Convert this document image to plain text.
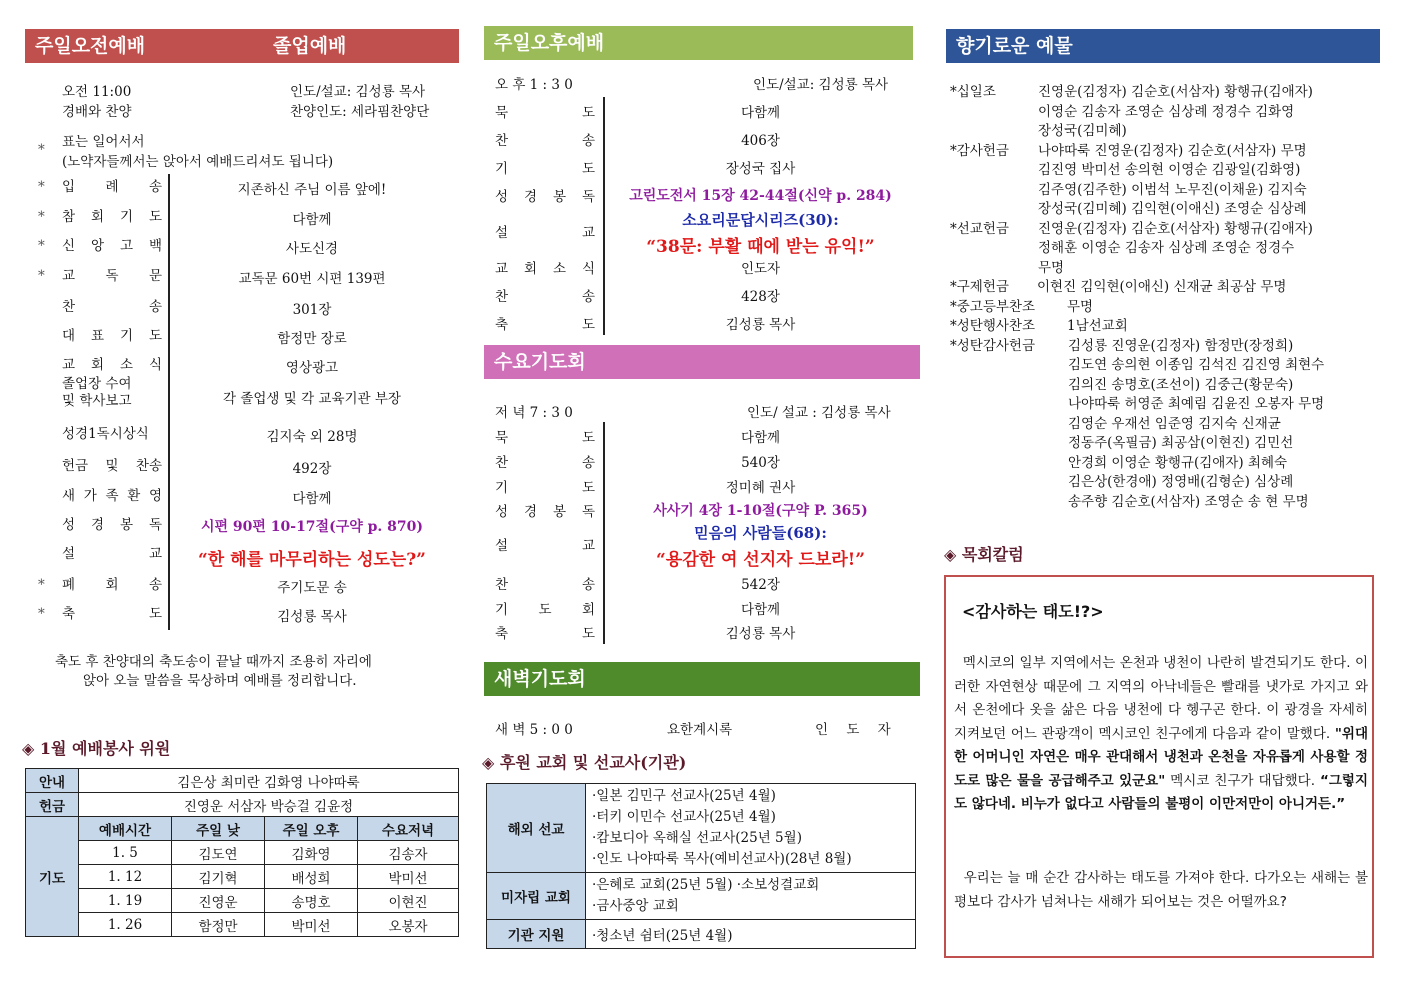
주일오전예배	졸업예배
오전 11:00	인도/설교: 김성룡 목사
경배와 찬양	찬양인도: 세라핌찬양단
* 표는 일어서서
(노약자들께서는 앉아서 예배드리셔도 됩니다)
* 입 례 송	지존하신 주님 이름 앞에!
* 참 회 기 도	다함께
* 신 앙 고 백	사도신경
* 교 독 문	교독문 60번 시편 139편
찬 송	301장
대 표 기 도	함정만 장로
교 회 소 식	영상광고
졸업장 수여
및 학사보고	각 졸업생 및 각 교육기관 부장
성경1독시상식	김지숙 외 28명
헌금 및 찬송	492장
새 가 족 환 영	다함께
성 경 봉 독	시편 90편 10-17절(구약 p. 870)
설 교	“한 해를 마무리하는 성도는?”
* 폐 회 송	주기도문 송
* 축 도	김성룡 목사
축도 후 찬양대의 축도송이 끝날 때까지 조용히 자리에
앉아 오늘 말씀을 묵상하며 예배를 정리합니다.
◈ 1월 예배봉사 위원
안내	김은상 최미란 김화영 나야따룩			
헌금	진영운 서삼자 박승걸 김윤정			
기도	예배시간	주일 낮	주일 오후	수요저녁
	1. 5	김도연	김화영	김송자
	1. 12	김기혁	배성희	박미선
	1. 19	진영운	송명호	이현진
	1. 26	함정만	박미선	오봉자
주일오후예배
오 후 1 : 3 0	인도/설교: 김성룡 목사
묵 도	다함께
찬 송	406장
기 도	장성국 집사
성 경 봉 독	고린도전서 15장 42-44절(신약 p. 284)
설 교
소요리문답시리즈(30):
“38문: 부활 때에 받는 유익!”
교 회 소 식	인도자
찬 송	428장
축 도	김성룡 목사
수요기도회
저 녁 7 : 3 0	인도/ 설교 : 김성룡 목사
묵 도	다함께
찬 송	540장
기 도	정미혜 권사
성 경 봉 독	사사기 4장 1-10절(구약 P. 365)
설 교
믿음의 사람들(68):
“용감한 여 선지자 드보라!”
찬 송	542장
기 도 회	다함께
축 도	김성룡 목사
새벽기도회
새 벽 5 : 0 0	요한계시록	인 도 자
◈ 후원 교회 및 선교사(기관)
해외 선교	·일본 김민구 선교사(25년 4월)
·터키 이민수 선교사(25년 4월)
·캄보디아 옥해실 선교사(25년 5월)
·인도 나야따룩 목사(예비선교사)(28년 8월)

미자립 교회	·은혜로 교회(25년 5월) ·소보성결교회
·금사중앙 교회

기관 지원	·청소년 쉼터(25년 4월)
향기로운 예물
*십일조	진영운(김정자) 김순호(서삼자) 황행규(김애자)
이영순 김송자 조영순 심상례 정경수 김화영
장성국(김미혜)
*감사헌금 나야따룩 진영운(김정자) 김순호(서삼자) 무명
김진영 박미선 송의현 이영순 김광일(김화영)
김주영(김주한) 이범석 노무진(이채윤) 김지숙
장성국(김미혜) 김익현(이애신) 조영순 심상례
*선교헌금 진영운(김정자) 김순호(서삼자) 황행규(김애자)
정해훈 이영순 김송자 심상례 조영순 정경수
무명
*구제헌금 이현진 김익현(이애신) 신재균 최공삼 무명
*중고등부찬조 무명
*성탄행사찬조 1남선교회
*성탄감사헌금 김성룡 진영운(김정자) 함정만(장정희)
김도연 송의현 이종임 김석진 김진영 최현수
김의진 송명호(조선이) 김중근(황문숙)
나야따룩 허영준 최예림 김윤진 오봉자 무명
김영순 우재선 임준영 김지숙 신재균
정동주(옥필금) 최공삼(이현진) 김민선
안경희 이영순 황행규(김애자) 최혜숙
김은상(한경애) 정영배(김형순) 심상례
송주향 김순호(서삼자) 조영순 송 현 무명
◈ 목회칼럼
<감사하는 태도!?>
멕시코의 일부 지역에서는 온천과 냉천이 나란히 발견되기도 한다. 이러한 자연현상 때문에 그 지역의 아낙네들은 빨래를 냇가로 가지고 와서 온천에다 옷을 삶은 다음 냉천에 다 헹구곤 한다. 이 광경을 자세히 지켜보던 어느 관광객이 멕시코인 친구에게 다음과 같이 말했다. "위대한 어머니인 자연은 매우 관대해서 냉천과 온천을 자유롭게 사용할 정도로 많은 물을 공급해주고 있군요" 멕시코 친구가 대답했다. “그렇지도 않다네. 비누가 없다고 사람들의 불평이 이만저만이 아니거든.”
우리는 늘 매 순간 감사하는 태도를 가져야 한다. 다가오는 새해는 불평보다 감사가 넘쳐나는 새해가 되어보는 것은 어떨까요?
